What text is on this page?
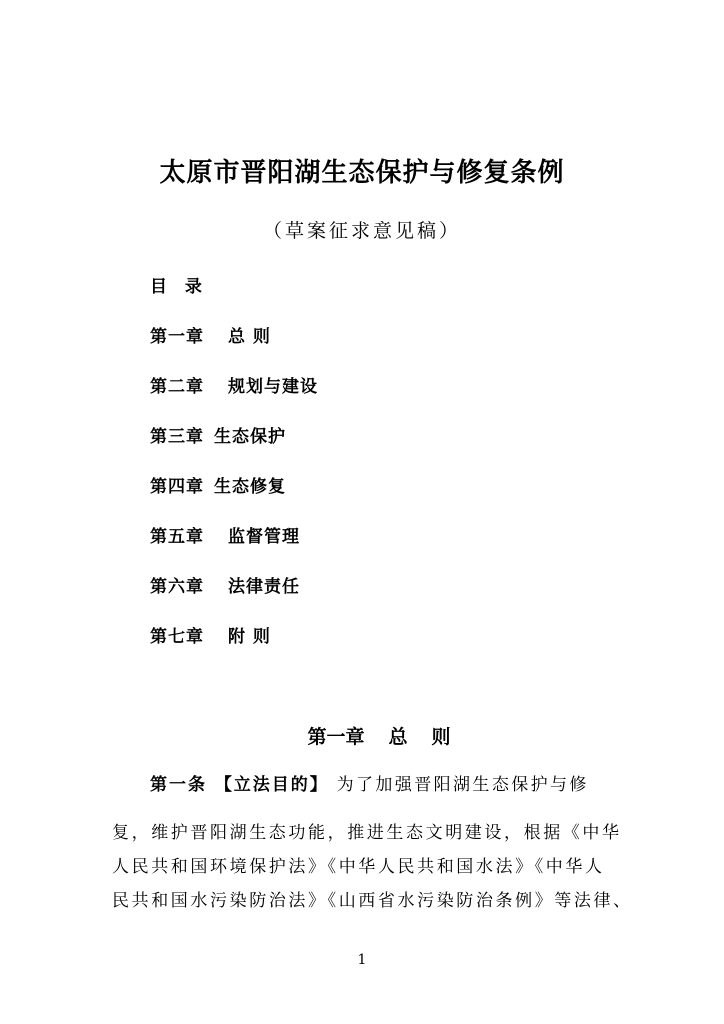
太原市晋阳湖生态保护与修复条例
（草案征求意见稿）
目 录
第一章 总 则
第二章 规划与建设
第三章 生态保护
第四章 生态修复
第五章 监督管理
第六章 法律责任
第七章 附 则
第一章 总 则
第一条 【立法目的】 为了加强晋阳湖生态保护与修
复，维护晋阳湖生态功能，推进生态文明建设，根据《中华
人民共和国环境保护法》《中华人民共和国水法》《中华人
民共和国水污染防治法》《山西省水污染防治条例》等法律、
1
